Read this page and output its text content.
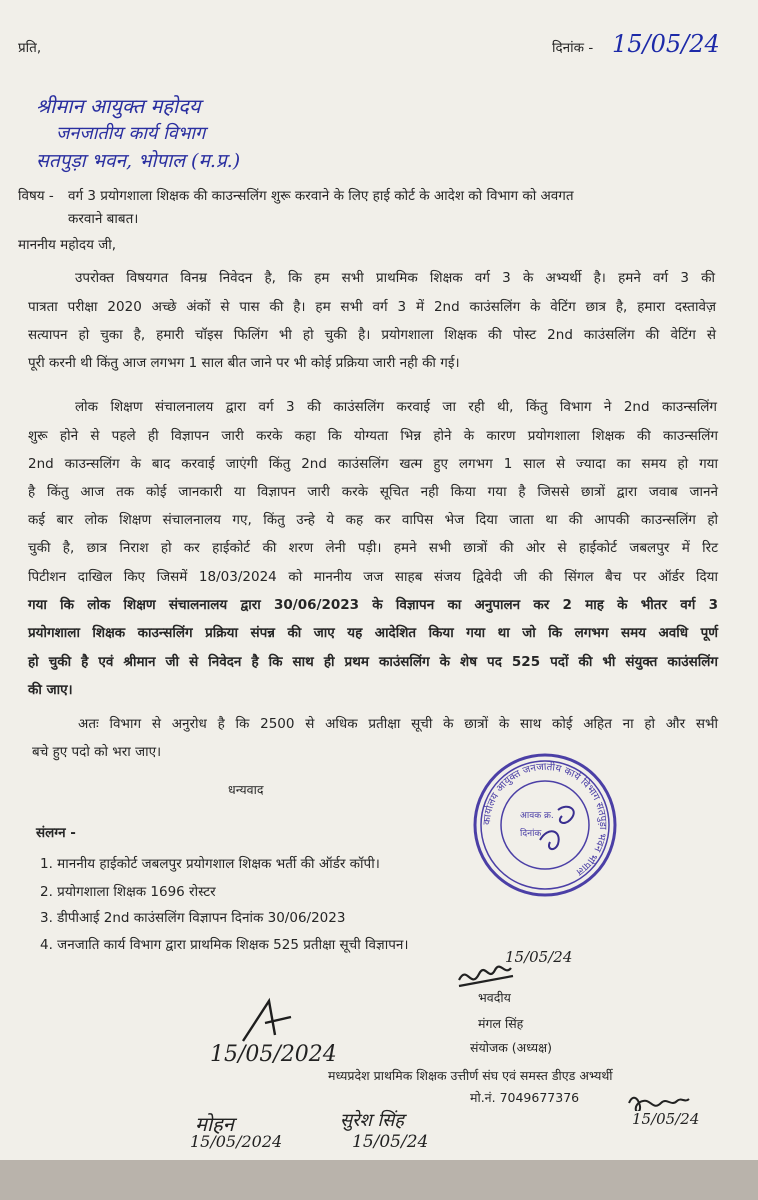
प्रति,	दिनांक - 15/05/24
श्रीमान आयुक्त महोदय
जनजातीय कार्य विभाग
सतपुड़ा भवन, भोपाल (म.प्र.)
विषय - वर्ग 3 प्रयोगशाला शिक्षक की काउन्सलिंग शुरू करवाने के लिए हाई कोर्ट के आदेश को विभाग को अवगत
करवाने बाबत।
माननीय महोदय जी,
उपरोक्त विषयगत विनम्र निवेदन है, कि हम सभी प्राथमिक शिक्षक वर्ग 3 के अभ्यर्थी है। हमने वर्ग 3 की
पात्रता परीक्षा 2020 अच्छे अंकों से पास की है। हम सभी वर्ग 3 में 2nd काउंसलिंग के वेटिंग छात्र है, हमारा दस्तावेज़
सत्यापन हो चुका है, हमारी चॉइस फिलिंग भी हो चुकी है। प्रयोगशाला शिक्षक की पोस्ट 2nd काउंसलिंग की वेटिंग से
पूरी करनी थी किंतु आज लगभग 1 साल बीत जाने पर भी कोई प्रक्रिया जारी नही की गई।
लोक शिक्षण संचालनालय द्वारा वर्ग 3 की काउंसलिंग करवाई जा रही थी, किंतु विभाग ने 2nd काउन्सलिंग
शुरू होने से पहले ही विज्ञापन जारी करके कहा कि योग्यता भिन्न होने के कारण प्रयोगशाला शिक्षक की काउन्सलिंग
2nd काउन्सलिंग के बाद करवाई जाएंगी किंतु 2nd काउंसलिंग खत्म हुए लगभग 1 साल से ज्यादा का समय हो गया
है किंतु आज तक कोई जानकारी या विज्ञापन जारी करके सूचित नही किया गया है जिससे छात्रों द्वारा जवाब जानने
कई बार लोक शिक्षण संचालनालय गए, किंतु उन्हे ये कह कर वापिस भेज दिया जाता था की आपकी काउन्सलिंग हो
चुकी है, छात्र निराश हो कर हाईकोर्ट की शरण लेनी पड़ी। हमने सभी छात्रों की ओर से हाईकोर्ट जबलपुर में रिट
पिटीशन दाखिल किए जिसमें 18/03/2024 को माननीय जज साहब संजय द्विवेदी जी की सिंगल बैच पर ऑर्डर दिया
गया कि लोक शिक्षण संचालनालय द्वारा 30/06/2023 के विज्ञापन का अनुपालन कर 2 माह के भीतर वर्ग 3
प्रयोगशाला शिक्षक काउन्सलिंग प्रक्रिया संपन्न की जाए यह आदेशित किया गया था जो कि लगभग समय अवधि पूर्ण
हो चुकी है एवं श्रीमान जी से निवेदन है कि साथ ही प्रथम काउंसलिंग के शेष पद 525 पदों की भी संयुक्त काउंसलिंग
की जाए।
अतः विभाग से अनुरोध है कि 2500 से अधिक प्रतीक्षा सूची के छात्रों के साथ कोई अहित ना हो और सभी
बचे हुए पदो को भरा जाए।
धन्यवाद
संलग्न -
1. माननीय हाईकोर्ट जबलपुर प्रयोगशाल शिक्षक भर्ती की ऑर्डर कॉपी।
2. प्रयोगशाला शिक्षक 1696 रोस्टर
3. डीपीआई 2nd काउंसलिंग विज्ञापन दिनांक 30/06/2023
4. जनजाति कार्य विभाग द्वारा प्राथमिक शिक्षक 525 प्रतीक्षा सूची विज्ञापन।
कार्यालय आयुक्त जनजातीय कार्य विभाग सतपुड़ा भवन भोपाल
आवक क्र.
दिनांक
15/05/24
भवदीय
मंगल सिंह
संयोजक (अध्यक्ष)
मध्यप्रदेश प्राथमिक शिक्षक उत्तीर्ण संघ एवं समस्त डीएड अभ्यर्थी
मो.नं. 7049677376
15/05/2024
मोहन
15/05/2024
सुरेश सिंह
15/05/24
15/05/24
